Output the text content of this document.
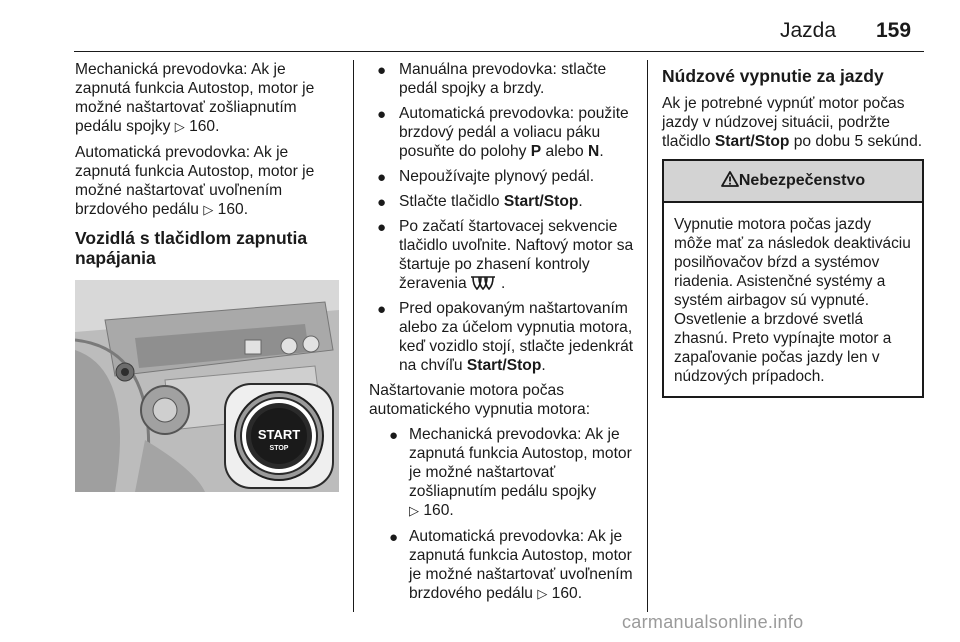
Jazda 159

Mechanická prevodovka: Ak je zapnutá funkcia Autostop, motor je možné naštartovať zošliapnutím pedálu spojky ▷ 160.

Automatická prevodovka: Ak je zapnutá funkcia Autostop, motor je možné naštartovať uvoľnením brzdového pedálu ▷ 160.

Vozidlá s tlačidlom zapnutia napájania
START
STOP
● Manuálna prevodovka: stlačte pedál spojky a brzdy.
● Automatická prevodovka: použite brzdový pedál a voliacu páku posuňte do polohy P alebo N.
● Nepoužívajte plynový pedál.
● Stlačte tlačidlo Start/Stop.
● Po začatí štartovacej sekvencie tlačidlo uvoľnite. Naftový motor sa štartuje po zhasení kontroly žeravenia .
● Pred opakovaným naštartovaním alebo za účelom vypnutia motora, keď vozidlo stojí, stlačte jedenkrát na chvíľu Start/Stop.

Naštartovanie motora počas automatického vypnutia motora:

● Mechanická prevodovka: Ak je zapnutá funkcia Autostop, motor je možné naštartovať zošliapnutím pedálu spojky
▷ 160.
● Automatická prevodovka: Ak je zapnutá funkcia Autostop, motor je možné naštartovať uvoľnením brzdového pedálu ▷ 160.
Núdzové vypnutie za jazdy

Ak je potrebné vypnúť motor počas jazdy v núdzovej situácii, podržte tlačidlo Start/Stop po dobu 5 sekúnd.

Nebezpečenstvo
Vypnutie motora počas jazdy môže mať za následok deaktiváciu posilňovačov bŕzd a systémov riadenia. Asistenčné systémy a systém airbagov sú vypnuté. Osvetlenie a brzdové svetlá zhasnú. Preto vypínajte motor a zapaľovanie počas jazdy len v núdzových prípadoch.
carmanualsonline.info
